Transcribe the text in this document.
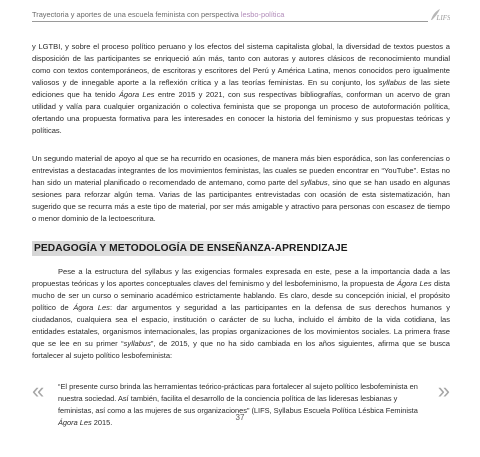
Trayectoria y aportes de una escuela feminista con perspectiva lesbo-política	LIFS

y LGTBI, y sobre el proceso político peruano y los efectos del sistema capitalista global, la diversidad de textos puestos a disposición de las participantes se enriqueció aún más, tanto con autoras y autores clásicos de reconocimiento mundial como con textos contemporáneos, de escritoras y escritores del Perú y América Latina, menos conocidos pero igualmente valiosos y de innegable aporte a la reflexión crítica y a las teorías feministas. En su conjunto, los syllabus de las siete ediciones que ha tenido Ágora Les entre 2015 y 2021, con sus respectivas bibliografías, conforman un acervo de gran utilidad y valía para cualquier organización o colectiva feminista que se proponga un proceso de autoformación política, ofertando una propuesta formativa para les interesades en conocer la historia del feminismo y sus propuestas teóricas y políticas.

Un segundo material de apoyo al que se ha recurrido en ocasiones, de manera más bien esporádica, son las conferencias o entrevistas a destacadas integrantes de los movimientos feministas, las cuales se pueden encontrar en “YouTube”. Estas no han sido un material planificado o recomendado de antemano, como parte del syllabus, sino que se han usado en algunas sesiones para reforzar algún tema. Varias de las participantes entrevistadas con ocasión de esta sistematización, han sugerido que se recurra más a este tipo de material, por ser más amigable y atractivo para personas con escasez de tiempo o menor dominio de la lectoescritura.

PEDAGOGÍA Y METODOLOGÍA DE ENSEÑANZA-APRENDIZAJE

Pese a la estructura del syllabus y las exigencias formales expresada en este, pese a la importancia dada a las propuestas teóricas y los aportes conceptuales claves del feminismo y del lesbofeminismo, la propuesta de Ágora Les dista mucho de ser un curso o seminario académico estrictamente hablando. Es claro, desde su concepción inicial, el propósito político de Ágora Les: dar argumentos y seguridad a las participantes en la defensa de sus derechos humanos y ciudadanos, cualquiera sea el espacio, institución o carácter de su lucha, incluido el ámbito de la vida cotidiana, las entidades estatales, organismos internacionales, las propias organizaciones de los movimientos sociales. La primera frase que se lee en su primer “syllabus”, de 2015, y que no ha sido cambiada en los años siguientes, afirma que se busca fortalecer al sujeto político lesbofeminista:

« “El presente curso brinda las herramientas teórico-prácticas para fortalecer al sujeto político lesbofeminista en nuestra sociedad. Así también, facilita el desarrollo de la conciencia política de las lideresas lesbianas y feministas, así como a las mujeres de sus organizaciones” (LIFS, Syllabus Escuela Política Lésbica Feminista Ágora Les 2015.

»
37
